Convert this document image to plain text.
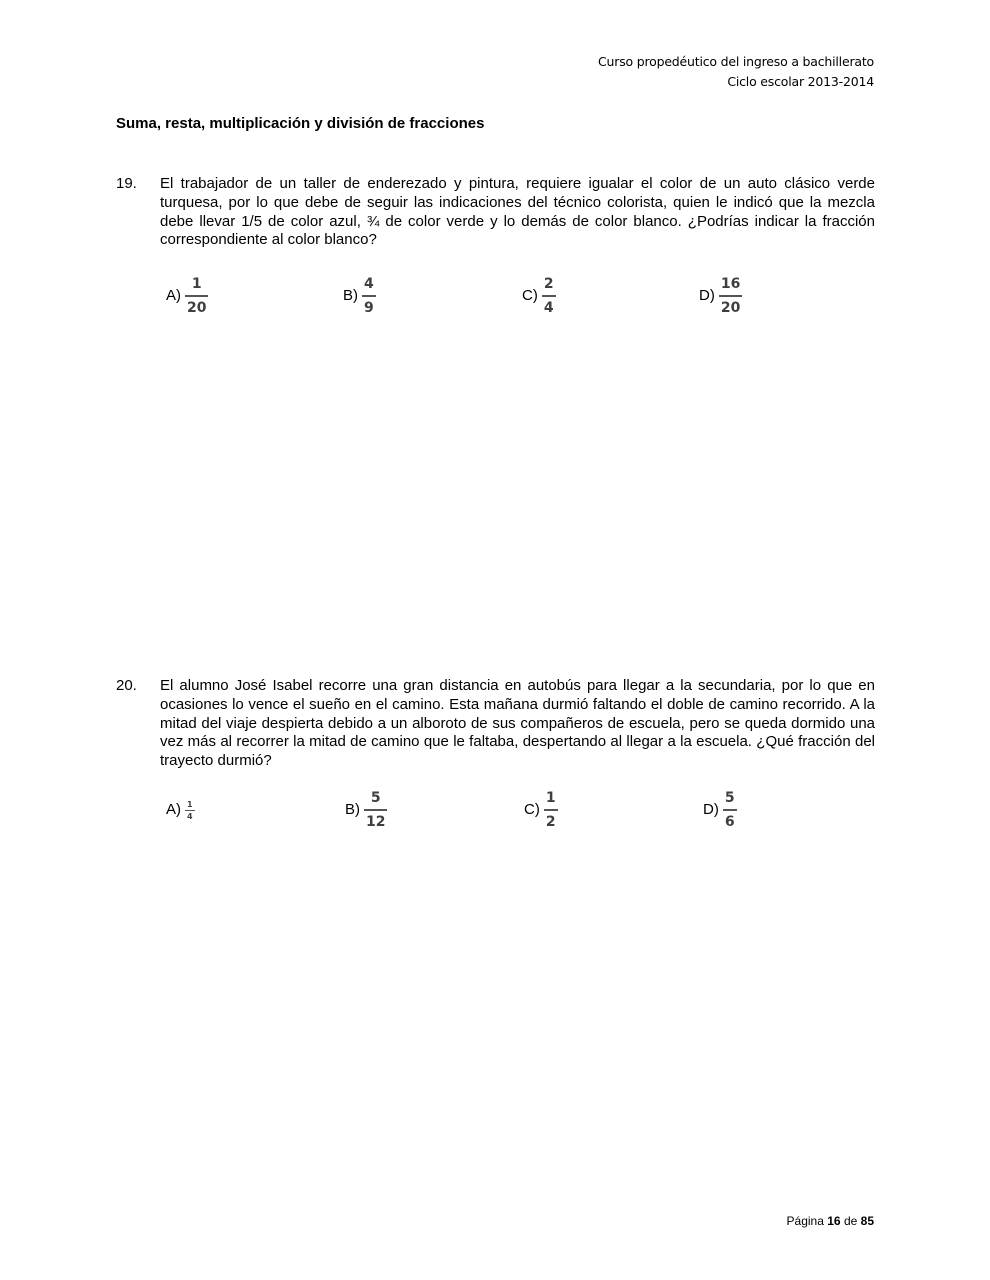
Curso propedéutico del ingreso a bachillerato
Ciclo escolar 2013-2014
Suma, resta, multiplicación y división de fracciones
19. El trabajador de un taller de enderezado y pintura, requiere igualar el color de un auto clásico verde turquesa, por lo que debe de seguir las indicaciones del técnico colorista, quien le indicó que la mezcla debe llevar 1/5 de color azul, ¾ de color verde y lo demás de color blanco. ¿Podrías indicar la fracción correspondiente al color blanco?
$A) \frac{1}{20}$	$B) \frac{4}{9}$	$C) \frac{2}{4}$	$D) \frac{16}{20}$
20. El alumno José Isabel recorre una gran distancia en autobús para llegar a la secundaria, por lo que en ocasiones lo vence el sueño en el camino. Esta mañana durmió faltando el doble de camino recorrido. A la mitad del viaje despierta debido a un alboroto de sus compañeros de escuela, pero se queda dormido una vez más al recorrer la mitad de camino que le faltaba, despertando al llegar a la escuela. ¿Qué fracción del trayecto durmió?
$A) \frac{1}{4}$	$B) \frac{5}{12}$	$C) \frac{1}{2}$	$D) \frac{5}{6}$
Página 16 de 85
